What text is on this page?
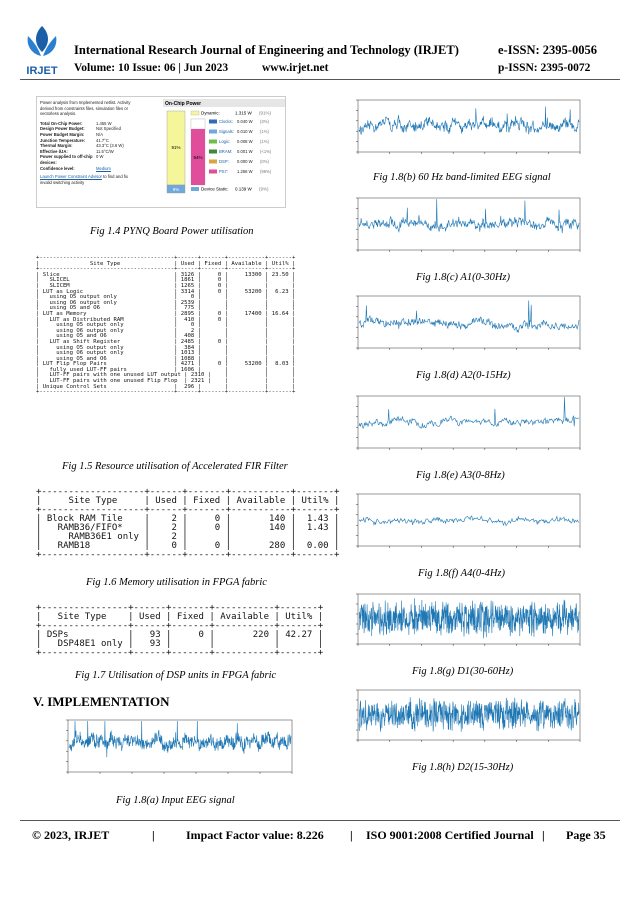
IRJET
International Research Journal of Engineering and Technology (IRJET)	e-ISSN: 2395-0056
Volume: 10 Issue: 06 | Jun 2023	www.irjet.net	p-ISSN: 2395-0072
Power analysis from Implemented netlist. Activity
derived from constraints files, simulation files or
vectorless analysis.
Total On-Chip Power:	1.455 W
Design Power Budget:	Not Specified
Power Budget Margin:	N/A
Junction Temperature:	41.7°C
Thermal Margin:	43.3°C (3.6 W)
Effective ϑJA:	11.5°C/W
Power supplied to off-chip devices:
0 W
Confidence level:	Medium
Launch Power Constraint Advisor to find and fix
invalid switching activity
On-Chip Power
91%
9%
Dynamic:	1.315 W (91%)
94%
Clocks: 0.040 W (3%)
Signals: 0.010 W (1%)
Logic: 0.008 W (1%)
BRAM: 0.001 W (<1%)
DSP: 0.000 W (0%)
PS7: 1.256 W (96%)
Device Static: 0.139 W (9%)
Fig 1.4 PYNQ Board Power utilisation
+----------------------------------------+------+-------+-----------+-------+
|               Site Type                | Used | Fixed | Available | Util% |
+----------------------------------------+------+-------+-----------+-------+
| Slice                                  | 3126 |     0 |     13300 | 23.50 |
|   SLICEL                               | 1861 |     0 |           |       |
|   SLICEM                               | 1265 |     0 |           |       |
| LUT as Logic                           | 3314 |     0 |     53200 |  6.23 |
|   using O5 output only                 |    0 |       |           |       |
|   using O6 output only                 | 2539 |       |           |       |
|   using O5 and O6                      |  775 |       |           |       |
| LUT as Memory                          | 2895 |     0 |     17400 | 16.64 |
|   LUT as Distributed RAM               |  410 |     0 |           |       |
|     using O5 output only               |    0 |       |           |       |
|     using O6 output only               |    2 |       |           |       |
|     using O5 and O6                    |  408 |       |           |       |
|   LUT as Shift Register                | 2485 |     0 |           |       |
|     using O5 output only               |  384 |       |           |       |
|     using O6 output only               | 1013 |       |           |       |
|     using O5 and O6                    | 1088 |       |           |       |
| LUT Flip Flop Pairs                    | 4271 |     0 |     53200 |  8.03 |
|   fully used LUT-FF pairs              | 1606 |       |           |       |
|   LUT-FF pairs with one unused LUT output | 2310 |    |           |       |
|   LUT-FF pairs with one unused Flip Flop  | 2321 |    |           |       |
| Unique Control Sets                    |  296 |       |           |       |
+----------------------------------------+------+-------+-----------+-------+
Fig 1.5 Resource utilisation of Accelerated FIR Filter
+-------------------+------+-------+-----------+-------+
|     Site Type     | Used | Fixed | Available | Util% |
+-------------------+------+-------+-----------+-------+
| Block RAM Tile    |    2 |     0 |       140 |  1.43 |
|   RAMB36/FIFO*    |    2 |     0 |       140 |  1.43 |
|     RAMB36E1 only |    2 |       |           |       |
|   RAMB18          |    0 |     0 |       280 |  0.00 |
+-------------------+------+-------+-----------+-------+
Fig 1.6 Memory utilisation in FPGA fabric
+----------------+------+-------+-----------+-------+
|   Site Type    | Used | Fixed | Available | Util% |
+----------------+------+-------+-----------+-------+
| DSPs           |   93 |     0 |       220 | 42.27 |
|   DSP48E1 only |   93 |       |           |       |
+----------------+------+-------+-----------+-------+
Fig 1.7 Utilisation of DSP units in FPGA fabric
V. IMPLEMENTATION
Fig 1.8(a) Input EEG signal
Fig 1.8(b) 60 Hz band-limited EEG signal
Fig 1.8(c) A1(0-30Hz)
Fig 1.8(d) A2(0-15Hz)
Fig 1.8(e) A3(0-8Hz)
Fig 1.8(f) A4(0-4Hz)
Fig 1.8(g) D1(30-60Hz)
Fig 1.8(h) D2(15-30Hz)
© 2023, IRJET	|	Impact Factor value: 8.226 | ISO 9001:2008 Certified Journal | Page 35
